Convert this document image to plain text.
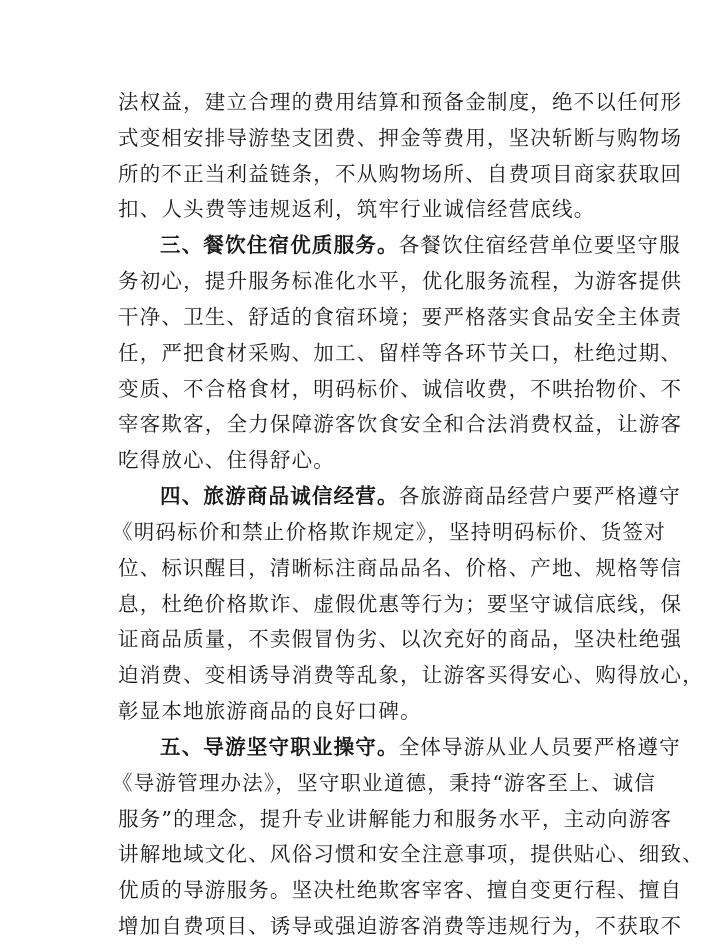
法权益，建立合理的费用结算和预备金制度，绝不以任何形
式变相安排导游垫支团费、押金等费用，坚决斩断与购物场
所的不正当利益链条，不从购物场所、自费项目商家获取回
扣、人头费等违规返利，筑牢行业诚信经营底线。
三、餐饮住宿优质服务。各餐饮住宿经营单位要坚守服
务初心，提升服务标准化水平，优化服务流程，为游客提供
干净、卫生、舒适的食宿环境；要严格落实食品安全主体责
任，严把食材采购、加工、留样等各环节关口，杜绝过期、
变质、不合格食材，明码标价、诚信收费，不哄抬物价、不
宰客欺客，全力保障游客饮食安全和合法消费权益，让游客
吃得放心、住得舒心。
四、旅游商品诚信经营。各旅游商品经营户要严格遵守
《明码标价和禁止价格欺诈规定》，坚持明码标价、货签对
位、标识醒目，清晰标注商品品名、价格、产地、规格等信
息，杜绝价格欺诈、虚假优惠等行为；要坚守诚信底线，保
证商品质量，不卖假冒伪劣、以次充好的商品，坚决杜绝强
迫消费、变相诱导消费等乱象，让游客买得安心、购得放心，
彰显本地旅游商品的良好口碑。
五、导游坚守职业操守。全体导游从业人员要严格遵守
《导游管理办法》，坚守职业道德，秉持“游客至上、诚信
服务”的理念，提升专业讲解能力和服务水平，主动向游客
讲解地域文化、风俗习惯和安全注意事项，提供贴心、细致、
优质的导游服务。坚决杜绝欺客宰客、擅自变更行程、擅自
增加自费项目、诱导或强迫游客消费等违规行为，不获取不
